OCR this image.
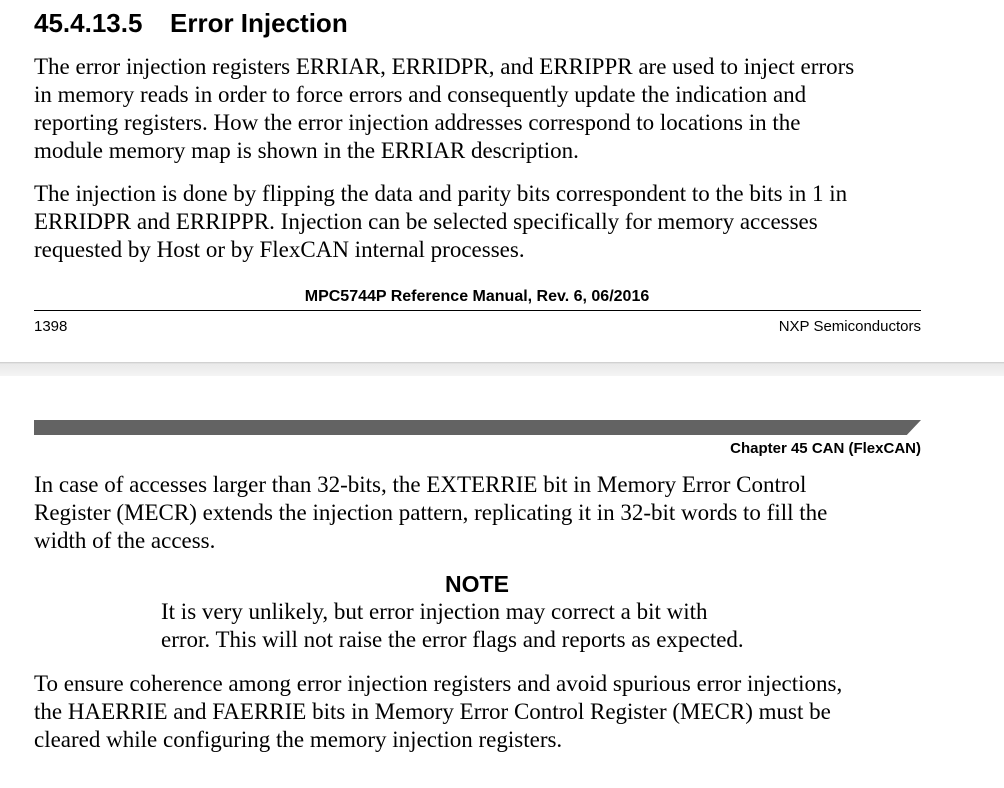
45.4.13.5 Error Injection

The error injection registers ERRIAR, ERRIDPR, and ERRIPPR are used to inject errors
in memory reads in order to force errors and consequently update the indication and
reporting registers. How the error injection addresses correspond to locations in the
module memory map is shown in the ERRIAR description.

The injection is done by flipping the data and parity bits correspondent to the bits in 1 in
ERRIDPR and ERRIPPR. Injection can be selected specifically for memory accesses
requested by Host or by FlexCAN internal processes.

MPC5744P Reference Manual, Rev. 6, 06/2016
1398	NXP Semiconductors
Chapter 45 CAN (FlexCAN)

In case of accesses larger than 32-bits, the EXTERRIE bit in Memory Error Control
Register (MECR) extends the injection pattern, replicating it in 32-bit words to fill the
width of the access.

NOTE

It is very unlikely, but error injection may correct a bit with
error. This will not raise the error flags and reports as expected.

To ensure coherence among error injection registers and avoid spurious error injections,
the HAERRIE and FAERRIE bits in Memory Error Control Register (MECR) must be
cleared while configuring the memory injection registers.
